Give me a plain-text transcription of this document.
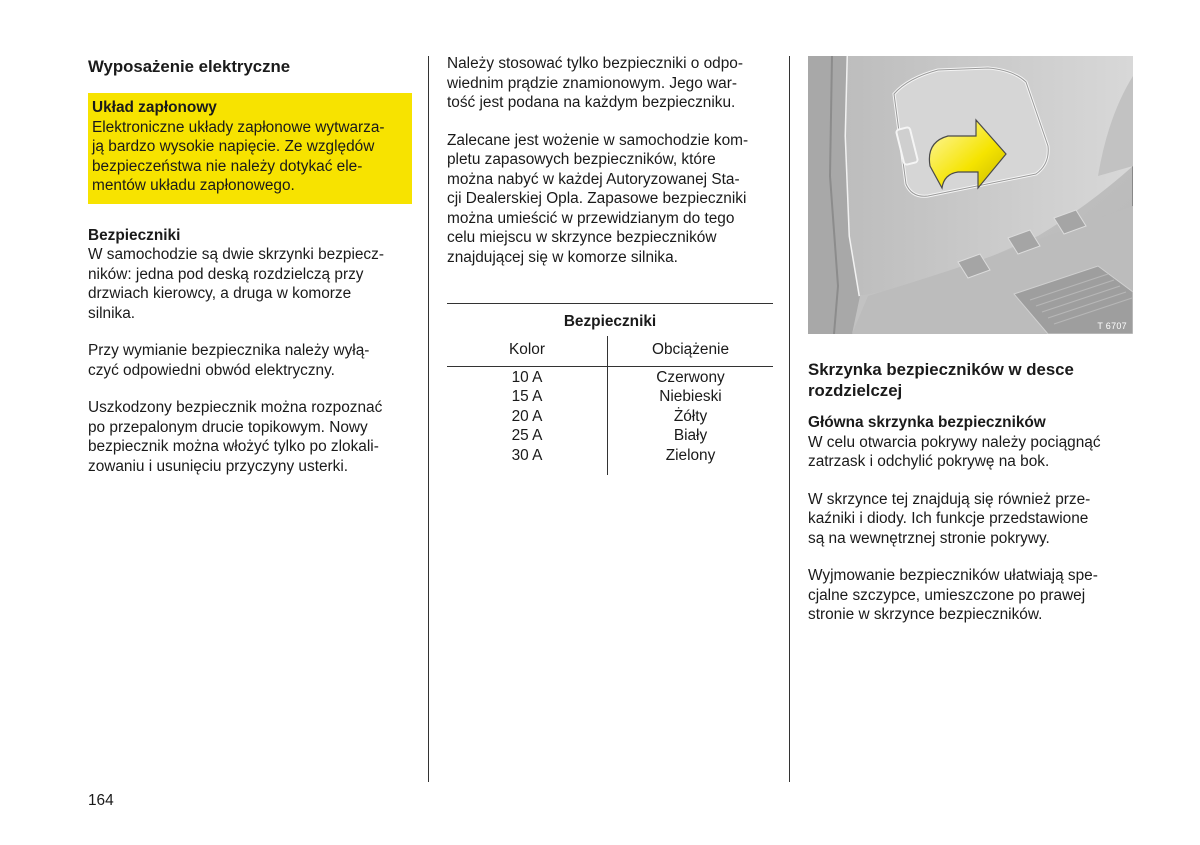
Wyposażenie elektryczne
Układ zapłonowy

Elektroniczne układy zapłonowe wytwarza-

ją bardzo wysokie napięcie. Ze względów

bezpieczeństwa nie należy dotykać ele-

mentów układu zapłonowego.

Bezpieczniki

W samochodzie są dwie skrzynki bezpiecz-

ników: jedna pod deską rozdzielczą przy

drzwiach kierowcy, a druga w komorze

silnika.

Przy wymianie bezpiecznika należy wyłą-

czyć odpowiedni obwód elektryczny.

Uszkodzony bezpiecznik można rozpoznać

po przepalonym drucie topikowym. Nowy

bezpiecznik można włożyć tylko po zlokali-

zowaniu i usunięciu przyczyny usterki.

Należy stosować tylko bezpieczniki o odpo-

wiednim prądzie znamionowym. Jego war-

tość jest podana na każdym bezpieczniku.

Zalecane jest wożenie w samochodzie kom-

pletu zapasowych bezpieczników, które

można nabyć w każdej Autoryzowanej Sta-

cji Dealerskiej Opla. Zapasowe bezpieczniki

można umieścić w przewidzianym do tego

celu miejscu w skrzynce bezpieczników

znajdującej się w komorze silnika.

Bezpieczniki
Kolor	Obciążenie
10 A	Czerwony
15 A	Niebieski
20 A	Żółty
25 A	Biały
30 A	Zielony
T 6707
Skrzynka bezpieczników w desce
rozdzielczej
Główna skrzynka bezpieczników

W celu otwarcia pokrywy należy pociągnąć

zatrzask i odchylić pokrywę na bok.

W skrzynce tej znajdują się również prze-

kaźniki i diody. Ich funkcje przedstawione

są na wewnętrznej stronie pokrywy.

Wyjmowanie bezpieczników ułatwiają spe-

cjalne szczypce, umieszczone po prawej

stronie w skrzynce bezpieczników.

164
